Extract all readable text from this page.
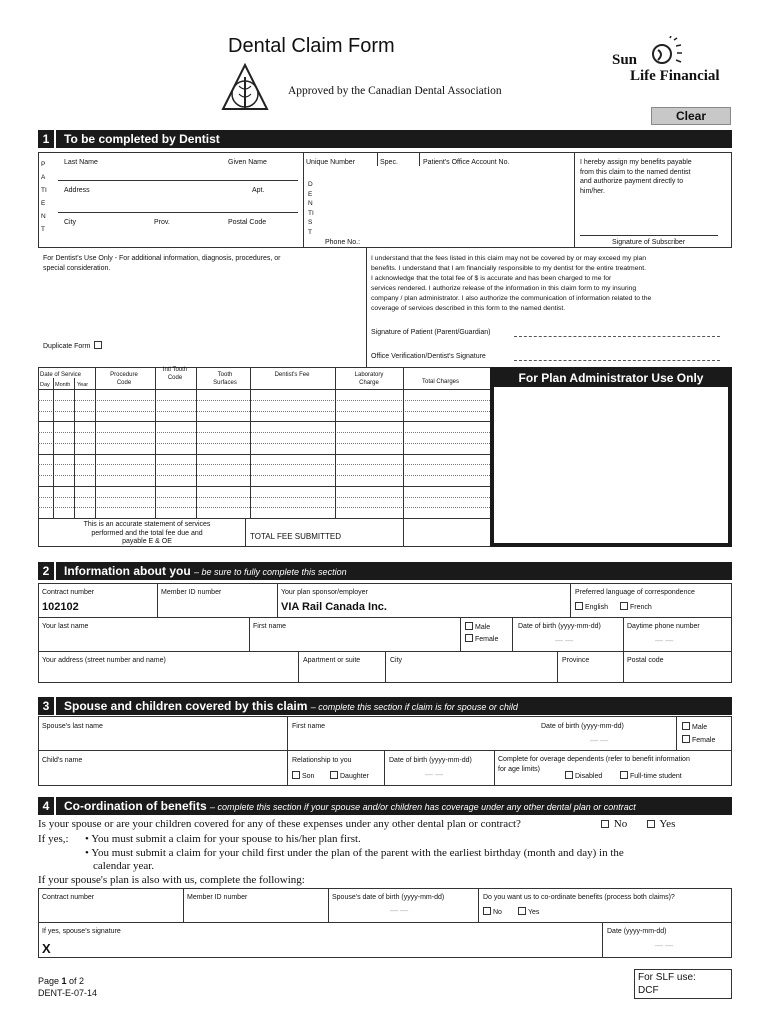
Dental Claim Form
Approved by the Canadian Dental Association
Sun
Life Financial
Clear
1 To be completed by Dentist
PATIENT
Last Name	Given Name
Address	Apt.
City	Prov.	Postal Code
Unique Number	Spec.	Patient's Office Account No.
DENTIST
Phone No.:
I hereby assign my benefits payable
from this claim to the named dentist
and authorize payment directly to
him/her.
Signature of Subscriber
For Dentist's Use Only - For additional information, diagnosis, procedures, or
special consideration.
Duplicate Form
I understand that the fees listed in this claim may not be covered by or may exceed my plan
benefits. I understand that I am financially responsible to my dentist for the entire treatment.
I acknowledge that the total fee of $ is accurate and has been charged to me for
services rendered. I authorize release of the information in this claim form to my insuring
company / plan administrator. I also authorize the communication of information related to the
coverage of services described in this form to the named dentist.
Signature of Patient (Parent/Guardian)
Office Verification/Dentist's Signature
Date of Service
Day Month Year
Procedure Code
Intl Tooth Code	Tooth Surfaces
Dentist's Fee	Laboratory Charge	Total Charges
This is an accurate statement of services
performed and the total fee due and
payable E & OE
TOTAL FEE SUBMITTED
For Plan Administrator Use Only
2 Information about you – be sure to fully complete this section
Contract number
102102
Member ID number	Your plan sponsor/employer
VIA Rail Canada Inc.
Preferred language of correspondence
English	French
Your last name	First name	Male
Female
Date of birth (yyyy-mm-dd)
— —
Daytime phone number
— —
Your address (street number and name)	Apartment or suite	City	Province	Postal code
3 Spouse and children covered by this claim – complete this section if claim is for spouse or child
Spouse's last name	First name	Date of birth (yyyy-mm-dd)
— —
Male
Female
Child's name	Relationship to you
Son	Daughter
Date of birth (yyyy-mm-dd)
— —
Complete for overage dependents (refer to benefit information
for age limits)
Disabled	Full-time student
4 Co-ordination of benefits – complete this section if your spouse and/or children has coverage under any other dental plan or contract
Is your spouse or are your children covered for any of these expenses under any other dental plan or contract?	No	Yes
If yes,: • You must submit a claim for your spouse to his/her plan first.
• You must submit a claim for your child first under the plan of the parent with the earliest birthday (month and day) in the
calendar year.
If your spouse's plan is also with us, complete the following:
Contract number	Member ID number	Spouse's date of birth (yyyy-mm-dd)
— —
Do you want us to co-ordinate benefits (process both claims)?
No	Yes
If yes, spouse's signature
X
Date (yyyy-mm-dd)
— —
Page 1 of 2
DENT-E-07-14
For SLF use:
DCF
